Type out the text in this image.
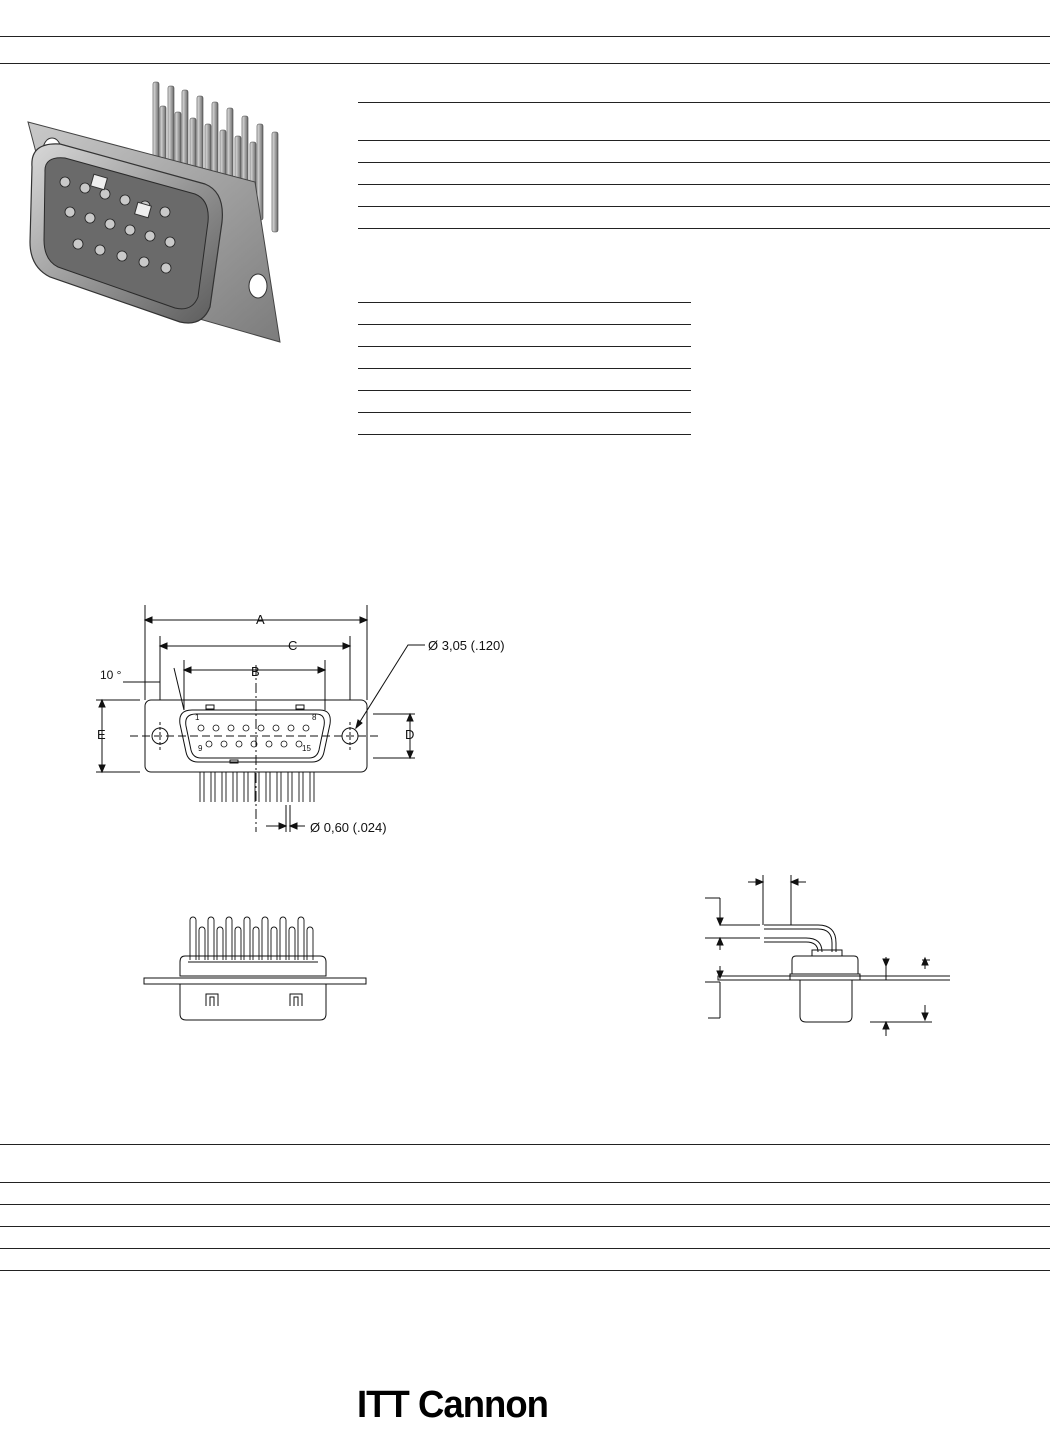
A
C
B
10 °
E	D
Ø 3,05 (.120)
Ø 0,60 (.024)
1	8
9	15
ITT Cannon
